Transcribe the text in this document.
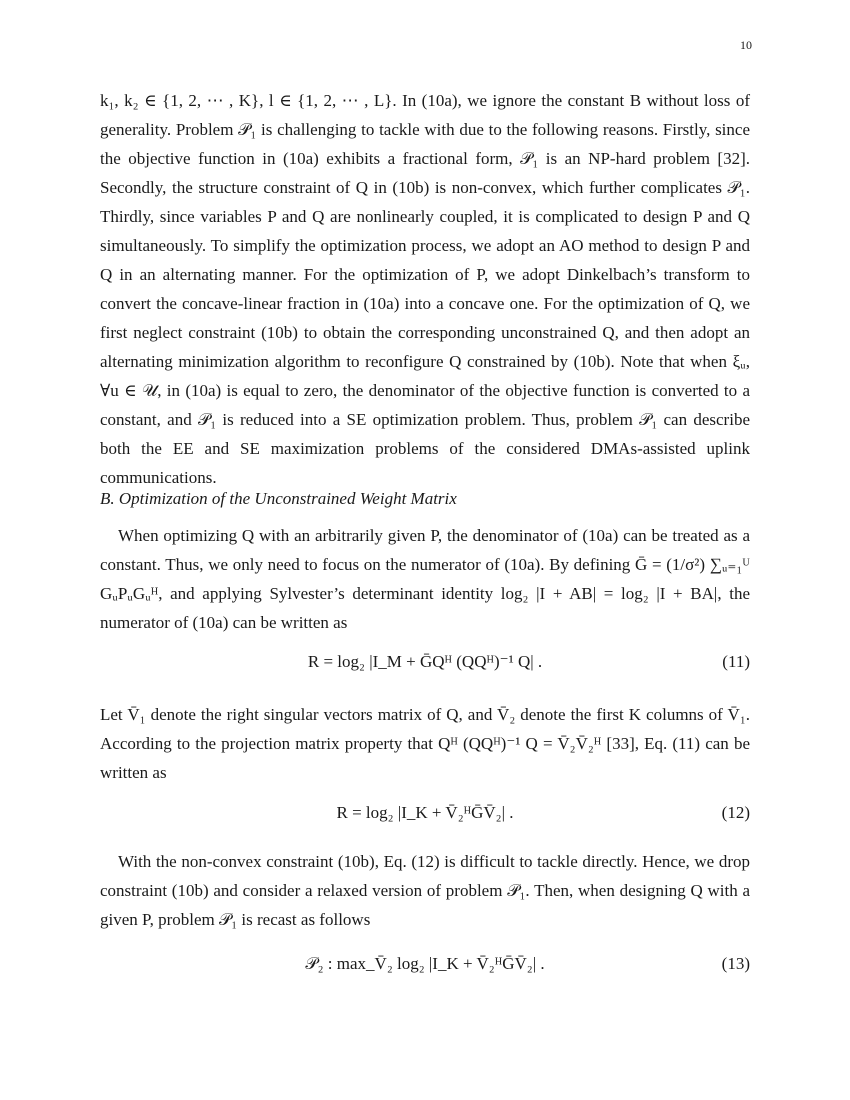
10

k₁, k₂ ∈ {1, 2, ⋯ , K}, l ∈ {1, 2, ⋯ , L}. In (10a), we ignore the constant B without loss of generality. Problem 𝒫₁ is challenging to tackle with due to the following reasons. Firstly, since the objective function in (10a) exhibits a fractional form, 𝒫₁ is an NP-hard problem [32]. Secondly, the structure constraint of Q in (10b) is non-convex, which further complicates 𝒫₁. Thirdly, since variables P and Q are nonlinearly coupled, it is complicated to design P and Q simultaneously. To simplify the optimization process, we adopt an AO method to design P and Q in an alternating manner. For the optimization of P, we adopt Dinkelbach’s transform to convert the concave-linear fraction in (10a) into a concave one. For the optimization of Q, we first neglect constraint (10b) to obtain the corresponding unconstrained Q, and then adopt an alternating minimization algorithm to reconfigure Q constrained by (10b). Note that when ξᵤ, ∀u ∈ 𝒰, in (10a) is equal to zero, the denominator of the objective function is converted to a constant, and 𝒫₁ is reduced into a SE optimization problem. Thus, problem 𝒫₁ can describe both the EE and SE maximization problems of the considered DMAs-assisted uplink communications.

B. Optimization of the Unconstrained Weight Matrix

When optimizing Q with an arbitrarily given P, the denominator of (10a) can be treated as a constant. Thus, we only need to focus on the numerator of (10a). By defining Ḡ = (1/σ²) ∑ᵤ₌₁ᵁ GᵤPᵤGᵤᴴ, and applying Sylvester’s determinant identity log₂ |I + AB| = log₂ |I + BA|, the numerator of (10a) can be written as

R = log₂ |I_M + ḠQᴴ (QQᴴ)⁻¹ Q| .	(11)

Let V̄₁ denote the right singular vectors matrix of Q, and V̄₂ denote the first K columns of V̄₁. According to the projection matrix property that Qᴴ (QQᴴ)⁻¹ Q = V̄₂V̄₂ᴴ [33], Eq. (11) can be written as

R = log₂ |I_K + V̄₂ᴴḠV̄₂| .	(12)

With the non-convex constraint (10b), Eq. (12) is difficult to tackle directly. Hence, we drop constraint (10b) and consider a relaxed version of problem 𝒫₁. Then, when designing Q with a given P, problem 𝒫₁ is recast as follows

𝒫₂ : max_V̄₂ log₂ |I_K + V̄₂ᴴḠV̄₂| .	(13)
